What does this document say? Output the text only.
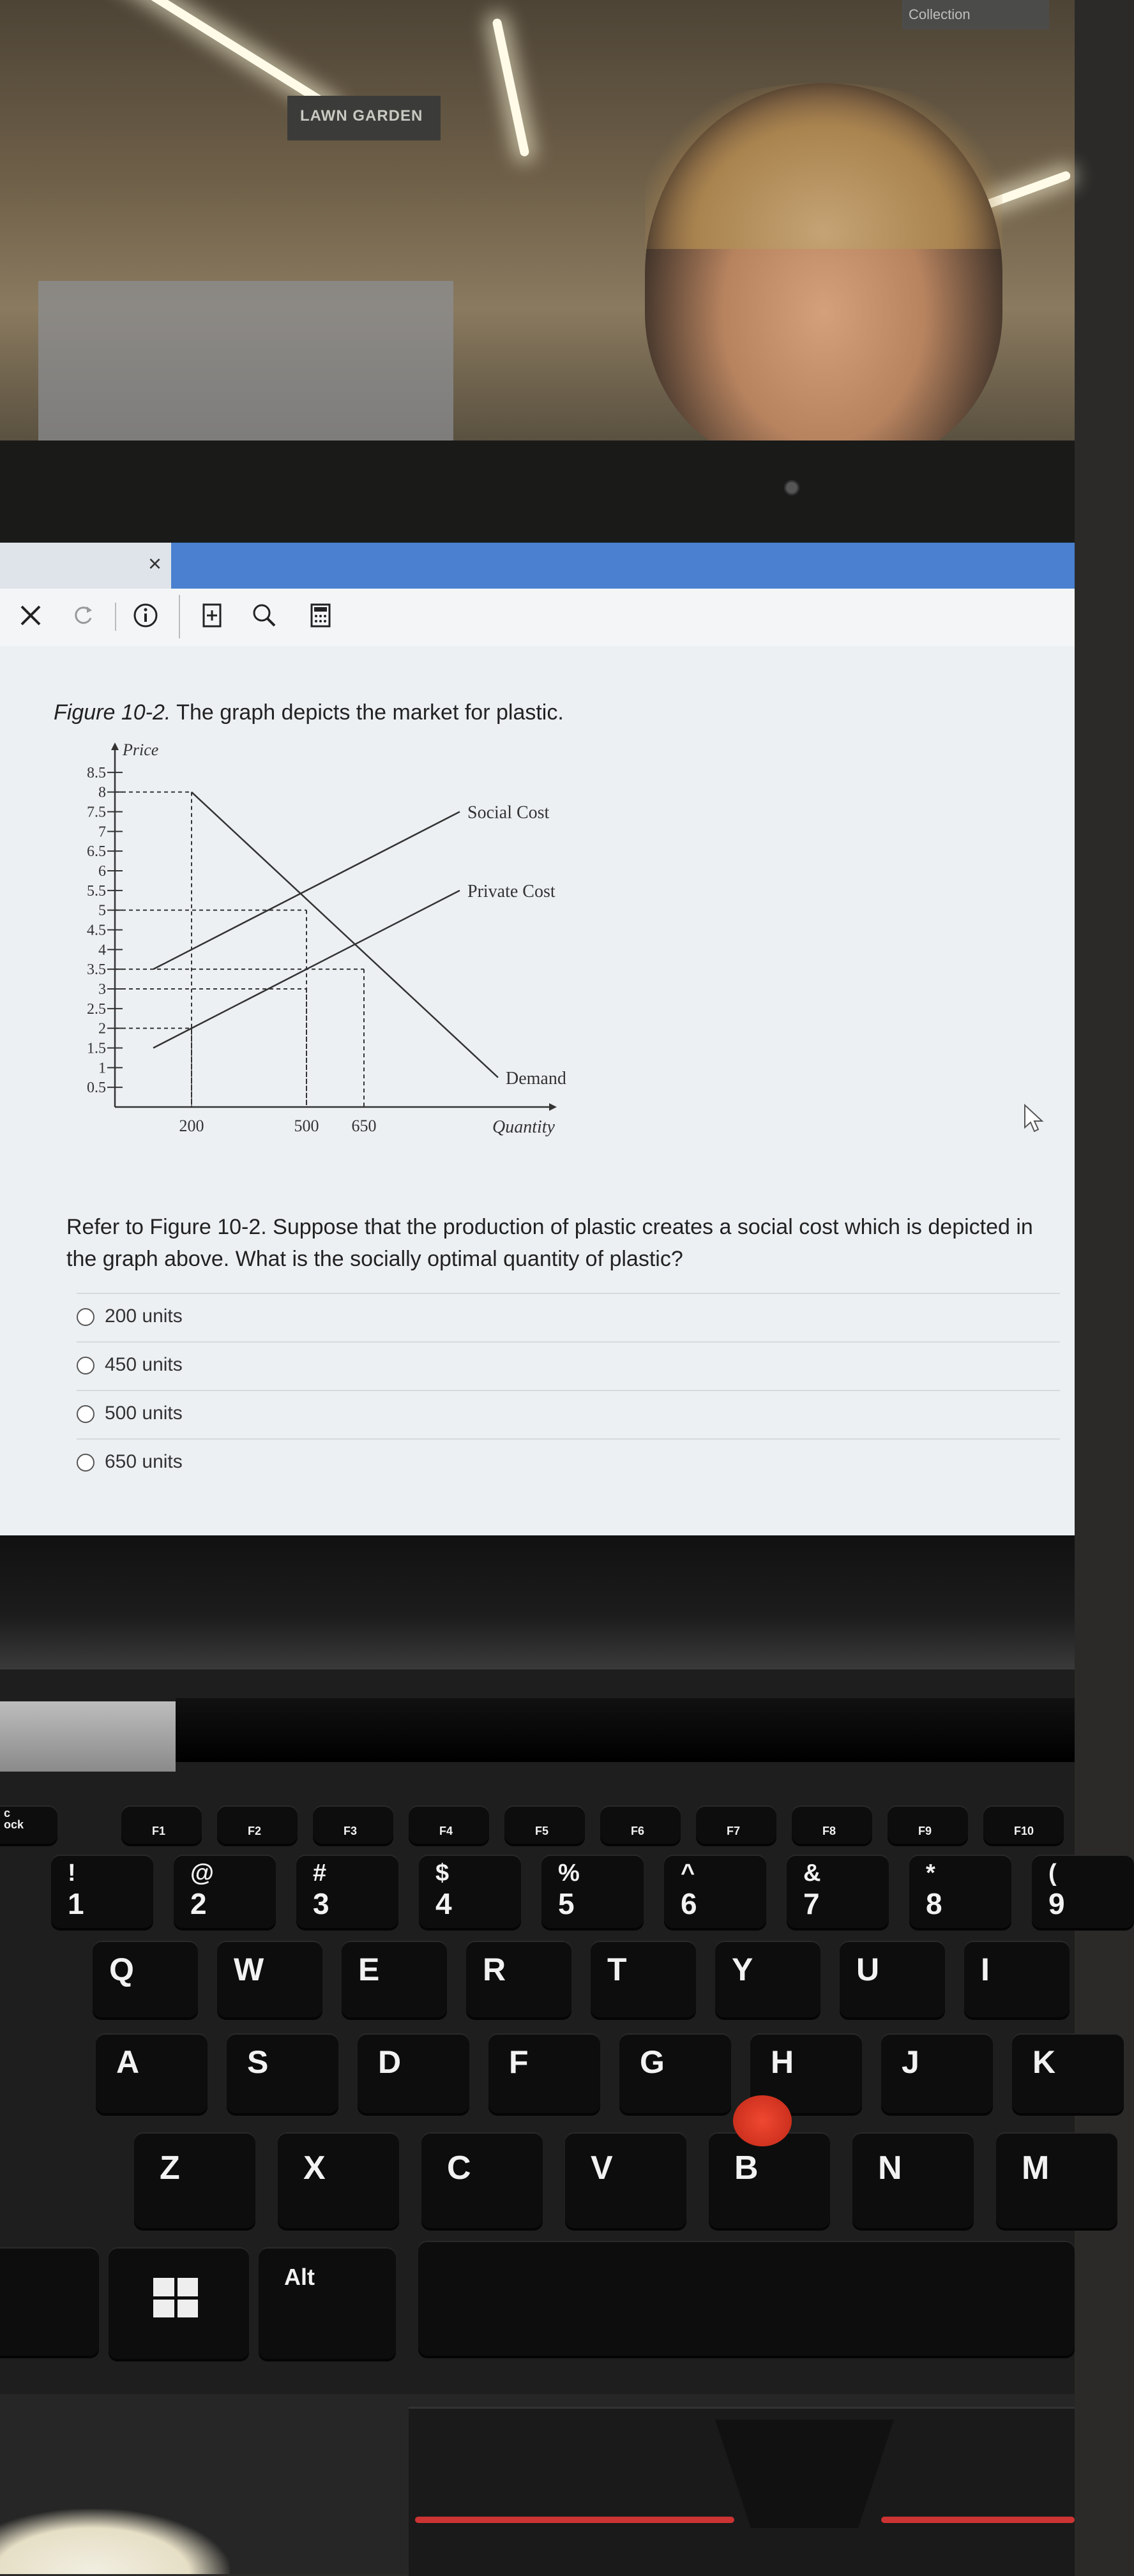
LAWN GARDEN
Collection
×
Figure 10-2. The graph depicts the market for plastic.
0.5
1
1.5
2
2.5
3
3.5
4
4.5
5
5.5
6
6.5
7
7.5
8
8.5
200	500 650
Price
Quantity
Demand
Social Cost
Private Cost
Refer to Figure 10-2. Suppose that the production of plastic creates a social cost which is depicted in the graph above. What is the socially optimal quantity of plastic?
200 units
450 units
500 units
650 units
c
ock	F1	F2	F3	F4	F5	F6	F7	F8	F9	F10
!
1
@
2
#
3
$
4
%
5
^
6
&
7
*
8
(
9
Q	W	E	R	T	Y	U	I
A	S	D	F	G	H	J	K
Z	X	C	V	B	N	M
Alt
